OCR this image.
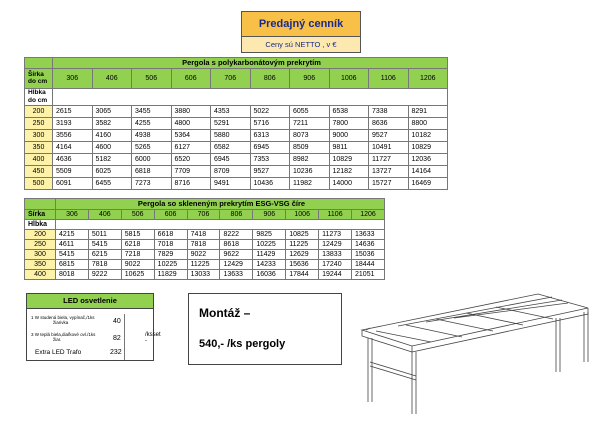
Predajný cenník
Ceny sú NETTO , v €
	Pergola s polykarbonátovým prekrytím									
Šírka do cm	306	406	506	606	706	806	906	1006	1106	1206
Hĺbka do cm										
200	2615	3065	3455	3880	4353	5022	6055	6538	7338	8291
250	3193	3582	4255	4800	5291	5716	7211	7800	8636	8800
300	3556	4160	4938	5364	5880	6313	8073	9000	9527	10182
350	4164	4600	5265	6127	6582	6945	8509	9811	10491	10829
400	4636	5182	6000	6520	6945	7353	8982	10829	11727	12036
450	5509	6025	6818	7709	8709	9527	10236	12182	13727	14164
500	6091	6455	7273	8716	9491	10436	11982	14000	15727	16469
	Pergola so skleneným prekrytím ESG-VSG číre									
Šírka	306	406	506	606	706	806	906	1006	1106	1206
Hĺbka										
200	4215	5011	5815	6618	7418	8222	9825	10825	11273	13633
250	4611	5415	6218	7018	7818	8618	10225	11225	12429	14636
300	5415	6215	7218	7829	9022	9622	11429	12629	13833	15036
350	6815	7818	9022	10225	11225	12429	14233	15636	17240	18444
400	8018	9222	10625	11829	13033	13633	16036	17844	19244	21051
LED osvetlenie
1 W studená biela, vypínač,/1ks
žiarivka	40
3 W teplá biela,diaľkové ovl./1ks
žiar.	82
Extra LED Trafo	232
/ksset -
Montáž –
540,- /ks pergoly
